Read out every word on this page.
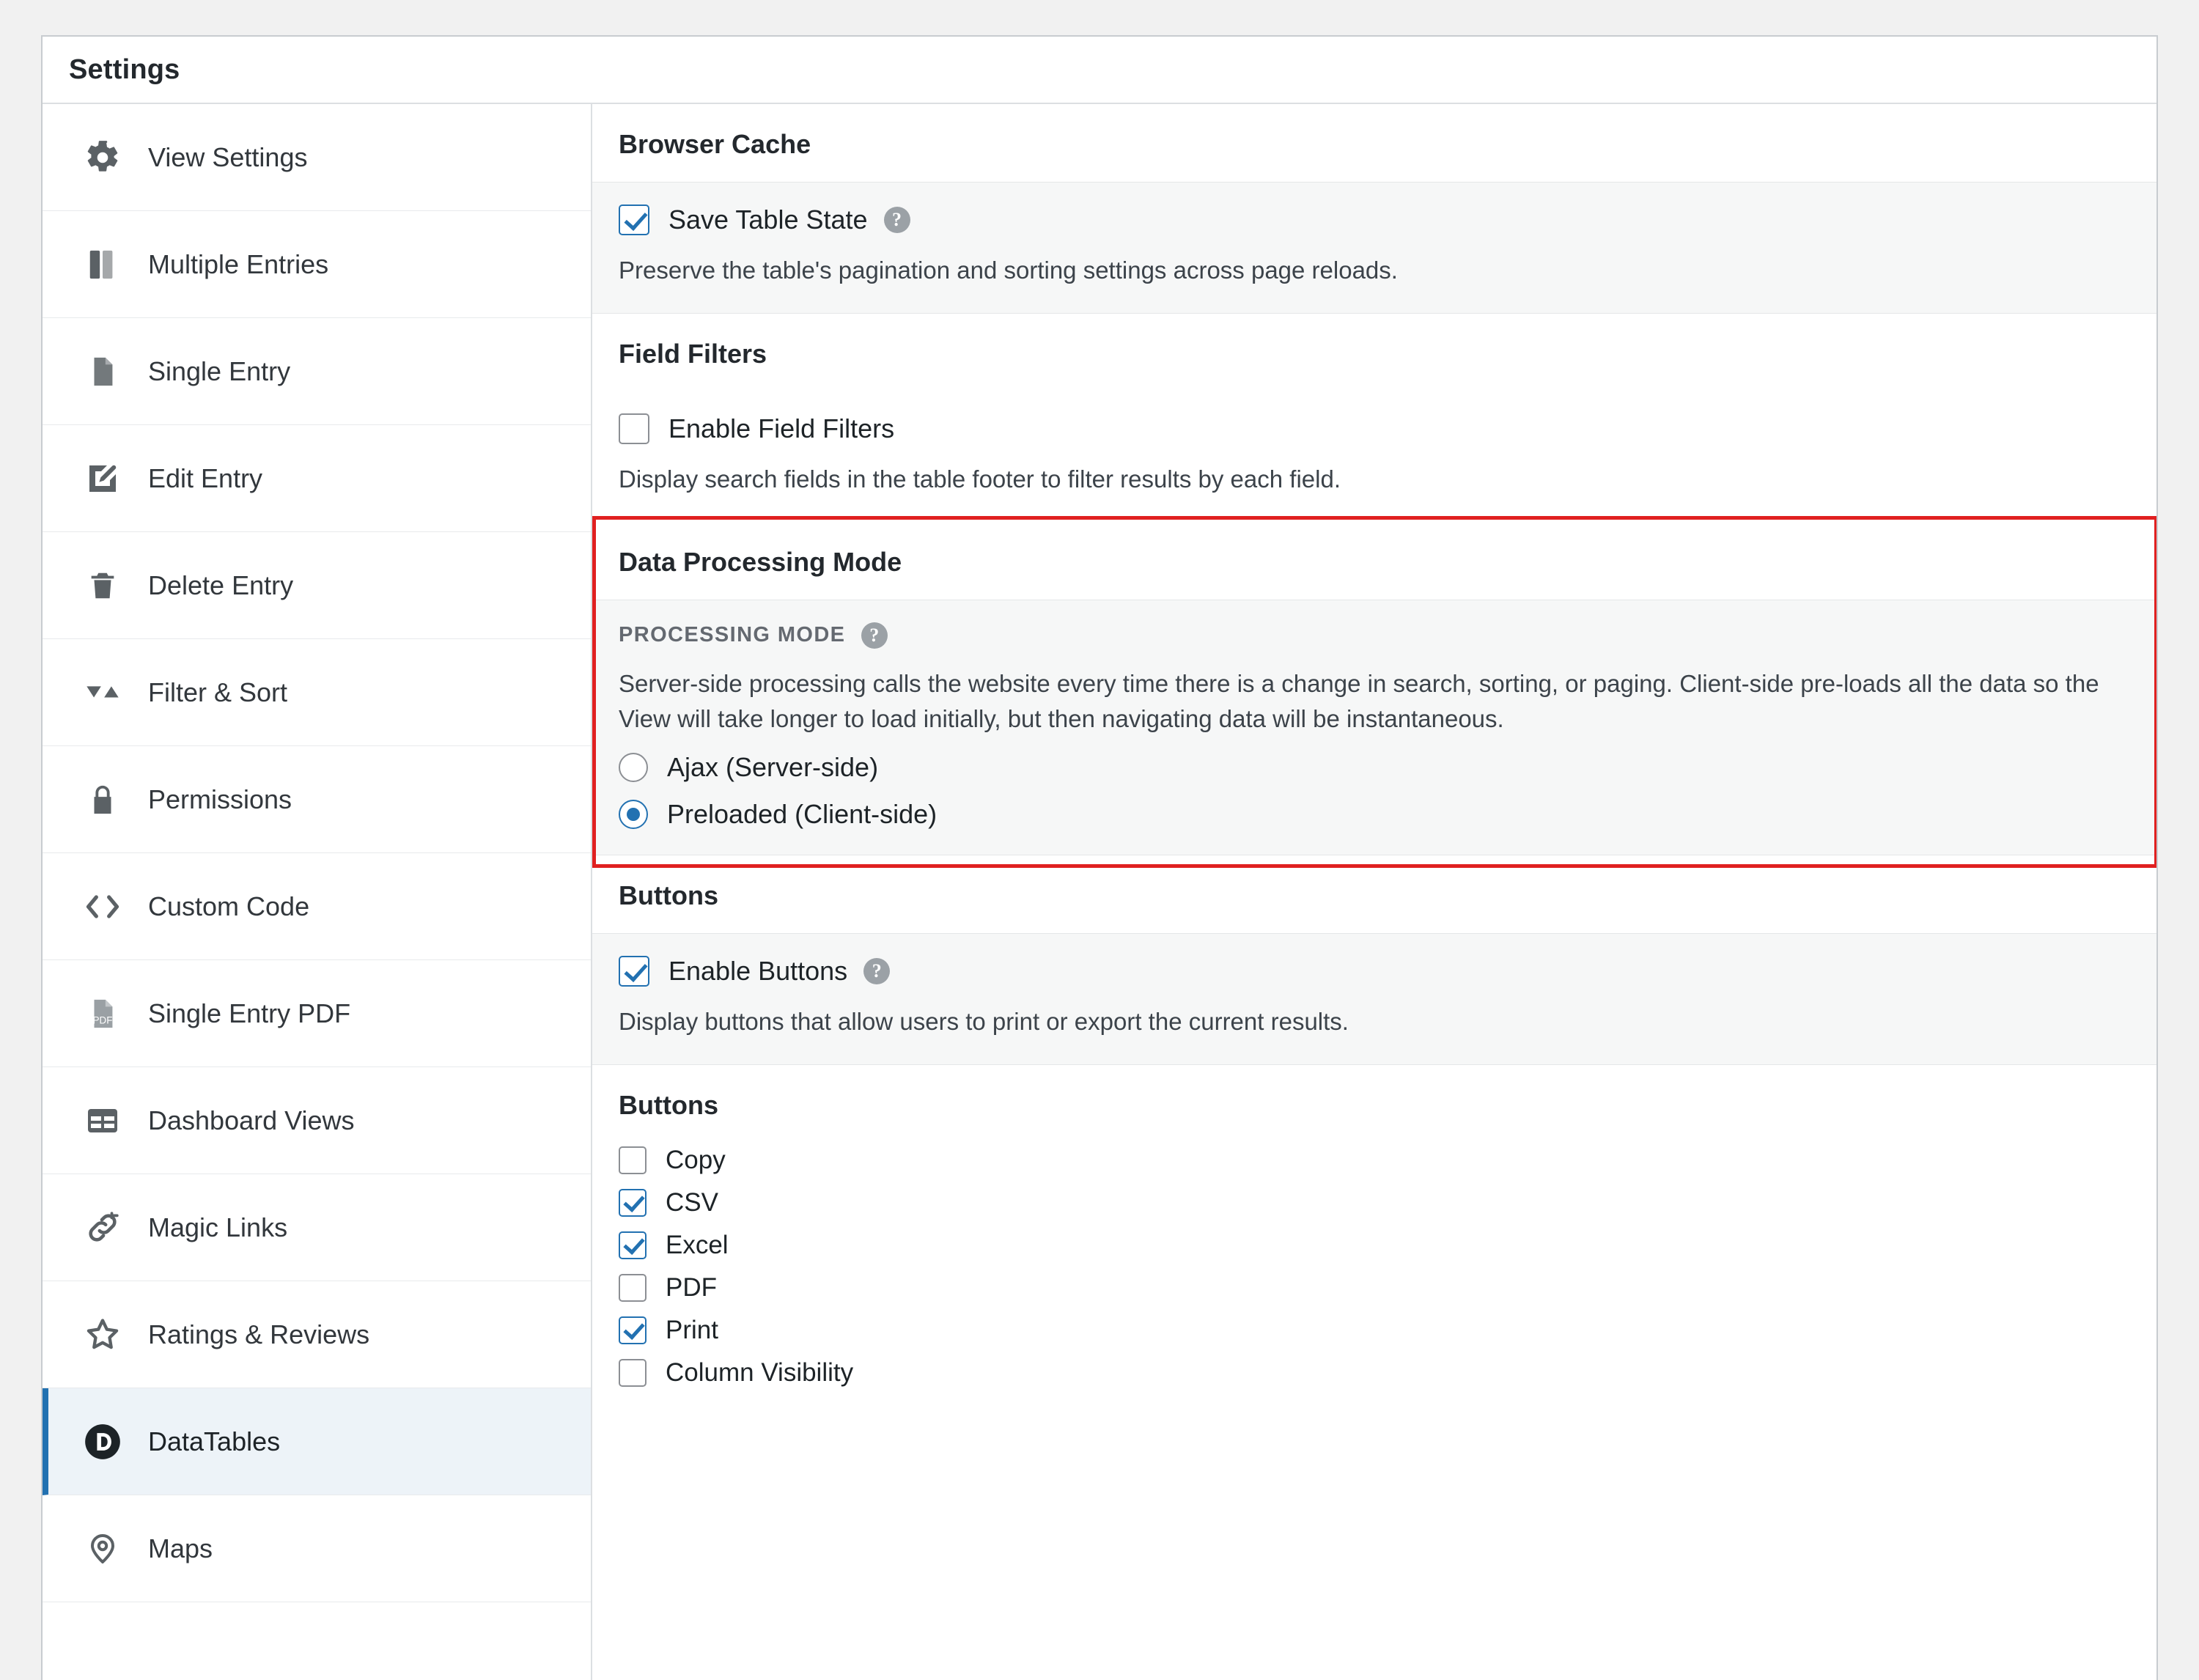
Settings
View Settings
Multiple Entries
Single Entry
Edit Entry
Delete Entry
Filter & Sort
Permissions
Custom Code
PDF Single Entry PDF
Dashboard Views
Magic Links
Ratings & Reviews
DataTables
Maps
Browser Cache
Save Table State	?
Preserve the table's pagination and sorting settings across page reloads.
Field Filters
Enable Field Filters
Display search fields in the table footer to filter results by each field.
Data Processing Mode
PROCESSING MODE	?
Server-side processing calls the website every time there is a change in search, sorting, or paging. Client-side pre-loads all the data so the View will take longer to load initially, but then navigating data will be instantaneous.
Ajax (Server-side)
Preloaded (Client-side)
Buttons
Enable Buttons	?
Display buttons that allow users to print or export the current results.
Buttons
Copy
CSV
Excel
PDF
Print
Column Visibility
